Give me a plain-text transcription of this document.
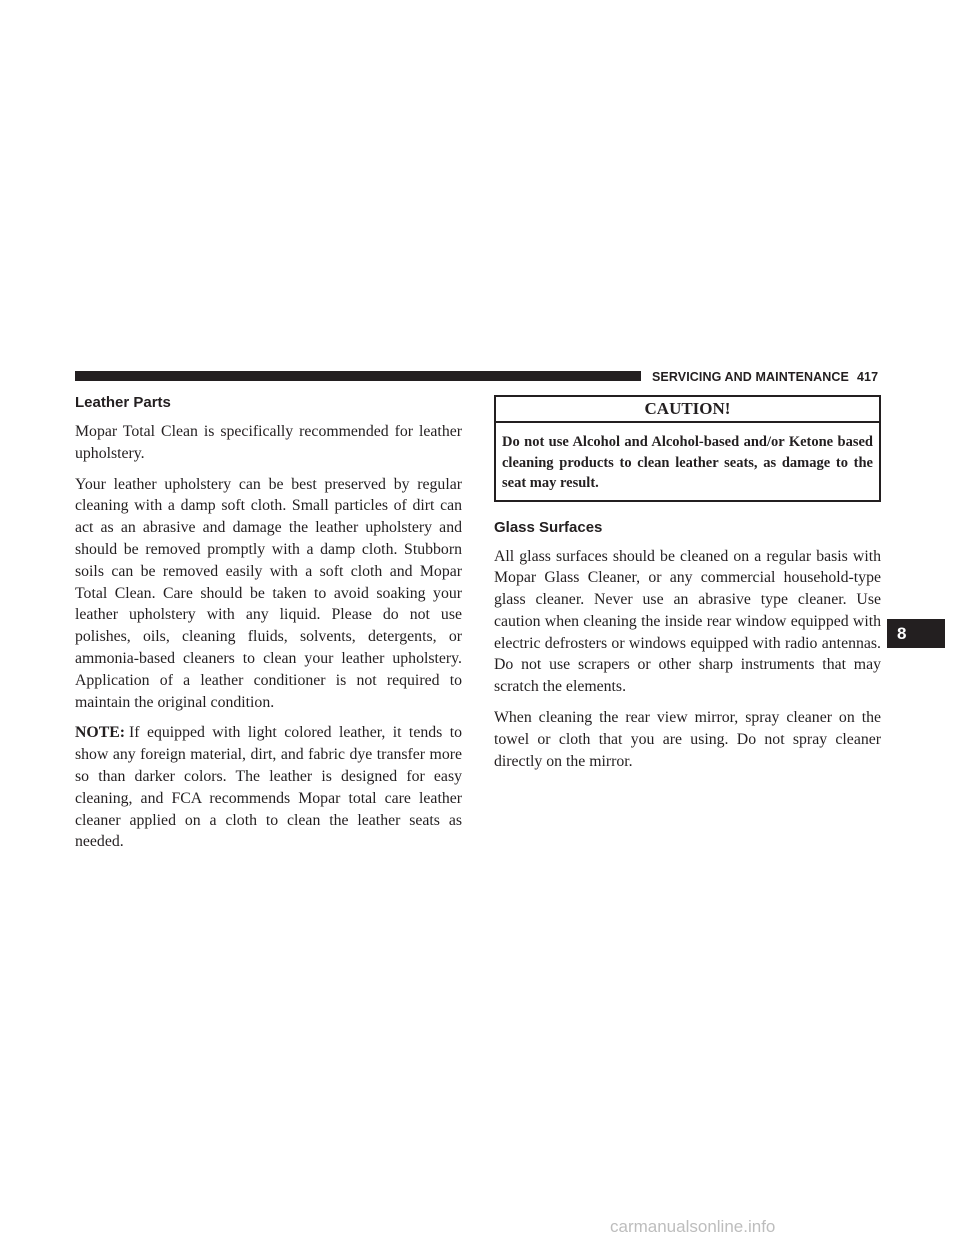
SERVICING AND MAINTENANCE 417
Leather Parts

Mopar Total Clean is specifically recommended for leather upholstery.

Your leather upholstery can be best preserved by regular cleaning with a damp soft cloth. Small particles of dirt can act as an abrasive and damage the leather upholstery and should be removed promptly with a damp cloth. Stubborn soils can be removed easily with a soft cloth and Mopar Total Clean. Care should be taken to avoid soaking your leather upholstery with any liquid. Please do not use polishes, oils, cleaning fluids, solvents, detergents, or ammonia-based cleaners to clean your leather upholstery. Application of a leather conditioner is not required to maintain the original condition.

NOTE: If equipped with light colored leather, it tends to show any foreign material, dirt, and fabric dye transfer more so than darker colors. The leather is designed for easy cleaning, and FCA recommends Mopar total care leather cleaner applied on a cloth to clean the leather seats as needed.

CAUTION!
Do not use Alcohol and Alcohol-based and/or Ketone based cleaning products to clean leather seats, as damage to the seat may result.
Glass Surfaces

All glass surfaces should be cleaned on a regular basis with Mopar Glass Cleaner, or any commercial household-type glass cleaner. Never use an abrasive type cleaner. Use caution when cleaning the inside rear window equipped with electric defrosters or windows equipped with radio antennas. Do not use scrapers or other sharp instruments that may scratch the elements.

When cleaning the rear view mirror, spray cleaner on the towel or cloth that you are using. Do not spray cleaner directly on the mirror.

8
carmanualsonline.info
